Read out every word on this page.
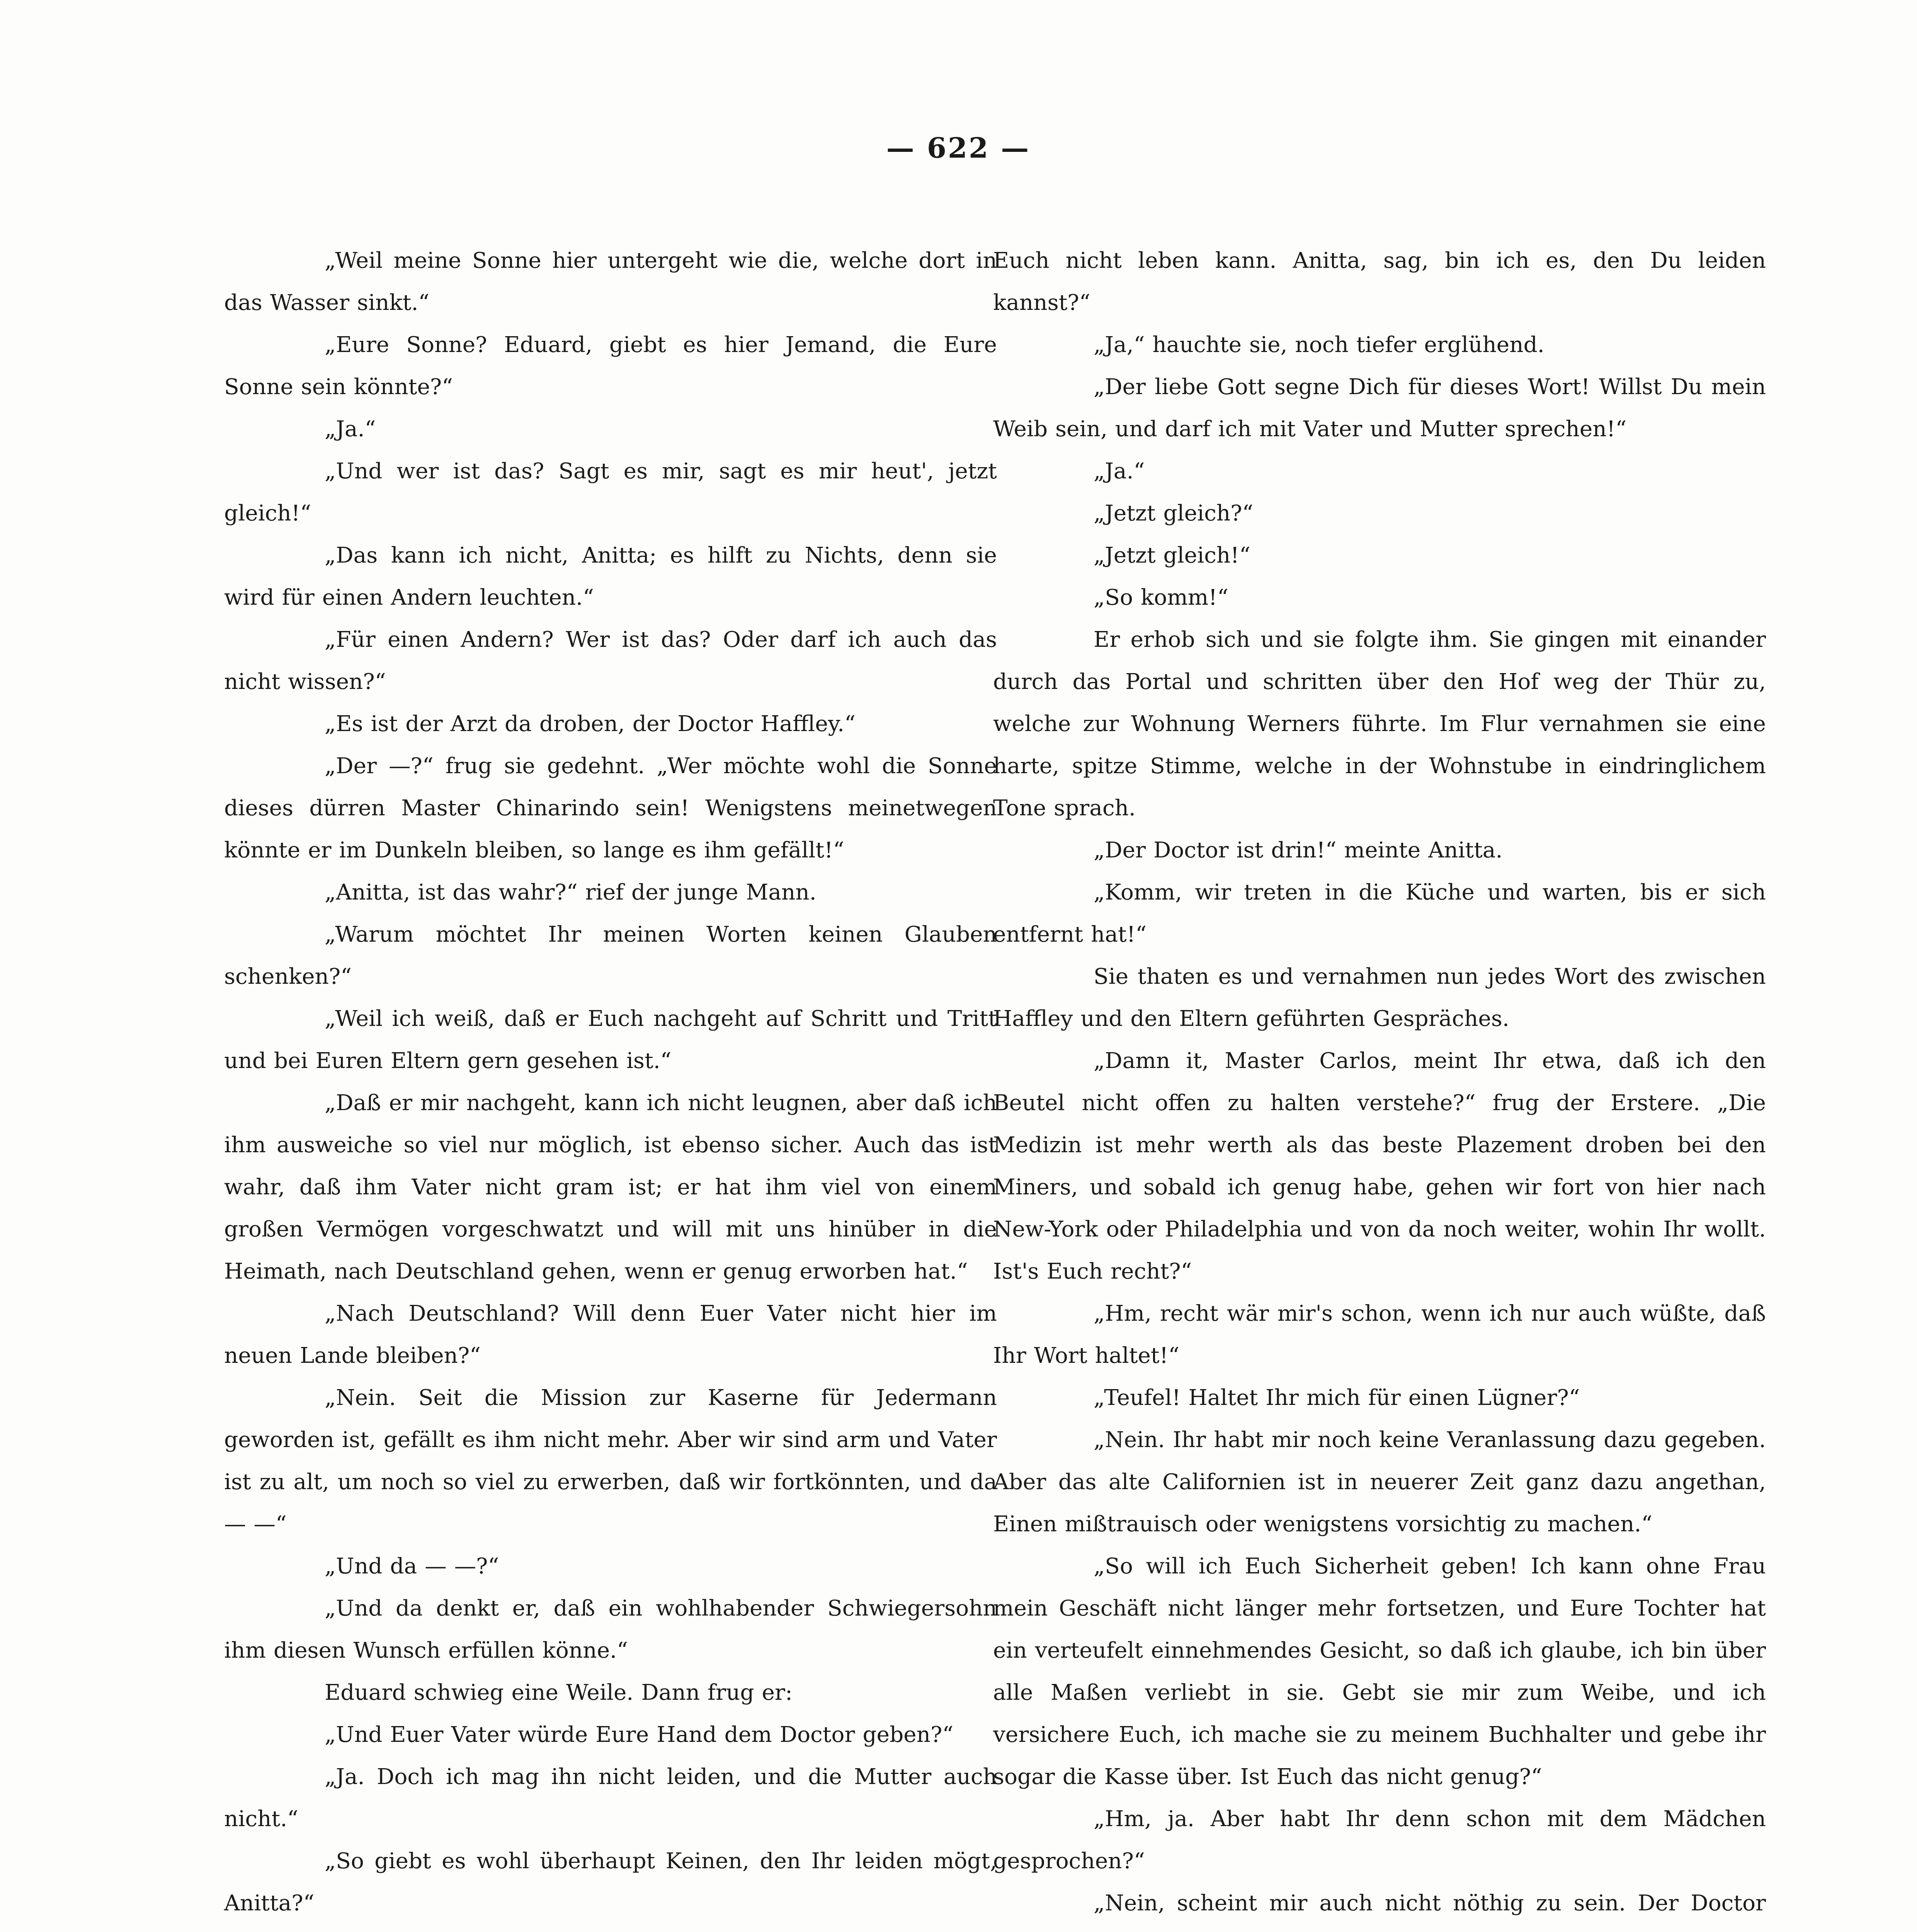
— 622 —

„Weil meine Sonne hier untergeht wie die, welche dort in das Wasser sinkt.“

„Eure Sonne? Eduard, giebt es hier Jemand, die Eure Sonne sein könnte?“

„Ja.“

„Und wer ist das? Sagt es mir, sagt es mir heut', jetzt gleich!“

„Das kann ich nicht, Anitta; es hilft zu Nichts, denn sie wird für einen Andern leuchten.“

„Für einen Andern? Wer ist das? Oder darf ich auch das nicht wissen?“

„Es ist der Arzt da droben, der Doctor Haffley.“

„Der —?“ frug sie gedehnt. „Wer möchte wohl die Sonne dieses dürren Master Chinarindo sein! Wenigstens meinetwegen könnte er im Dunkeln bleiben, so lange es ihm gefällt!“

„Anitta, ist das wahr?“ rief der junge Mann.

„Warum möchtet Ihr meinen Worten keinen Glauben schenken?“

„Weil ich weiß, daß er Euch nachgeht auf Schritt und Tritt und bei Euren Eltern gern gesehen ist.“

„Daß er mir nachgeht, kann ich nicht leugnen, aber daß ich ihm ausweiche so viel nur möglich, ist ebenso sicher. Auch das ist wahr, daß ihm Vater nicht gram ist; er hat ihm viel von einem großen Vermögen vorgeschwatzt und will mit uns hinüber in die Heimath, nach Deutschland gehen, wenn er genug erworben hat.“

„Nach Deutschland? Will denn Euer Vater nicht hier im neuen Lande bleiben?“

„Nein. Seit die Mission zur Kaserne für Jedermann geworden ist, gefällt es ihm nicht mehr. Aber wir sind arm und Vater ist zu alt, um noch so viel zu erwerben, daß wir fortkönnten, und da — —“

„Und da — —?“

„Und da denkt er, daß ein wohlhabender Schwiegersohn ihm diesen Wunsch erfüllen könne.“

Eduard schwieg eine Weile. Dann frug er:

„Und Euer Vater würde Eure Hand dem Doctor geben?“

„Ja. Doch ich mag ihn nicht leiden, und die Mutter auch nicht.“

„So giebt es wohl überhaupt Keinen, den Ihr leiden mögt, Anitta?“

Euch nicht leben kann. Anitta, sag, bin ich es, den Du leiden kannst?“

„Ja,“ hauchte sie, noch tiefer erglühend.

„Der liebe Gott segne Dich für dieses Wort! Willst Du mein Weib sein, und darf ich mit Vater und Mutter sprechen!“

„Ja.“

„Jetzt gleich?“

„Jetzt gleich!“

„So komm!“

Er erhob sich und sie folgte ihm. Sie gingen mit einander durch das Portal und schritten über den Hof weg der Thür zu, welche zur Wohnung Werners führte. Im Flur vernahmen sie eine harte, spitze Stimme, welche in der Wohnstube in eindringlichem Tone sprach.

„Der Doctor ist drin!“ meinte Anitta.

„Komm, wir treten in die Küche und warten, bis er sich entfernt hat!“

Sie thaten es und vernahmen nun jedes Wort des zwischen Haffley und den Eltern geführten Gespräches.

„Damn it, Master Carlos, meint Ihr etwa, daß ich den Beutel nicht offen zu halten verstehe?“ frug der Erstere. „Die Medizin ist mehr werth als das beste Plazement droben bei den Miners, und sobald ich genug habe, gehen wir fort von hier nach New-York oder Philadelphia und von da noch weiter, wohin Ihr wollt. Ist's Euch recht?“

„Hm, recht wär mir's schon, wenn ich nur auch wüßte, daß Ihr Wort haltet!“

„Teufel! Haltet Ihr mich für einen Lügner?“

„Nein. Ihr habt mir noch keine Veranlassung dazu gegeben. Aber das alte Californien ist in neuerer Zeit ganz dazu angethan, Einen mißtrauisch oder wenigstens vorsichtig zu machen.“

„So will ich Euch Sicherheit geben! Ich kann ohne Frau mein Geschäft nicht länger mehr fortsetzen, und Eure Tochter hat ein verteufelt einnehmendes Gesicht, so daß ich glaube, ich bin über alle Maßen verliebt in sie. Gebt sie mir zum Weibe, und ich versichere Euch, ich mache sie zu meinem Buchhalter und gebe ihr sogar die Kasse über. Ist Euch das nicht genug?“

„Hm, ja. Aber habt Ihr denn schon mit dem Mädchen gesprochen?“

„Nein, scheint mir auch nicht nöthig zu sein. Der Doctor
